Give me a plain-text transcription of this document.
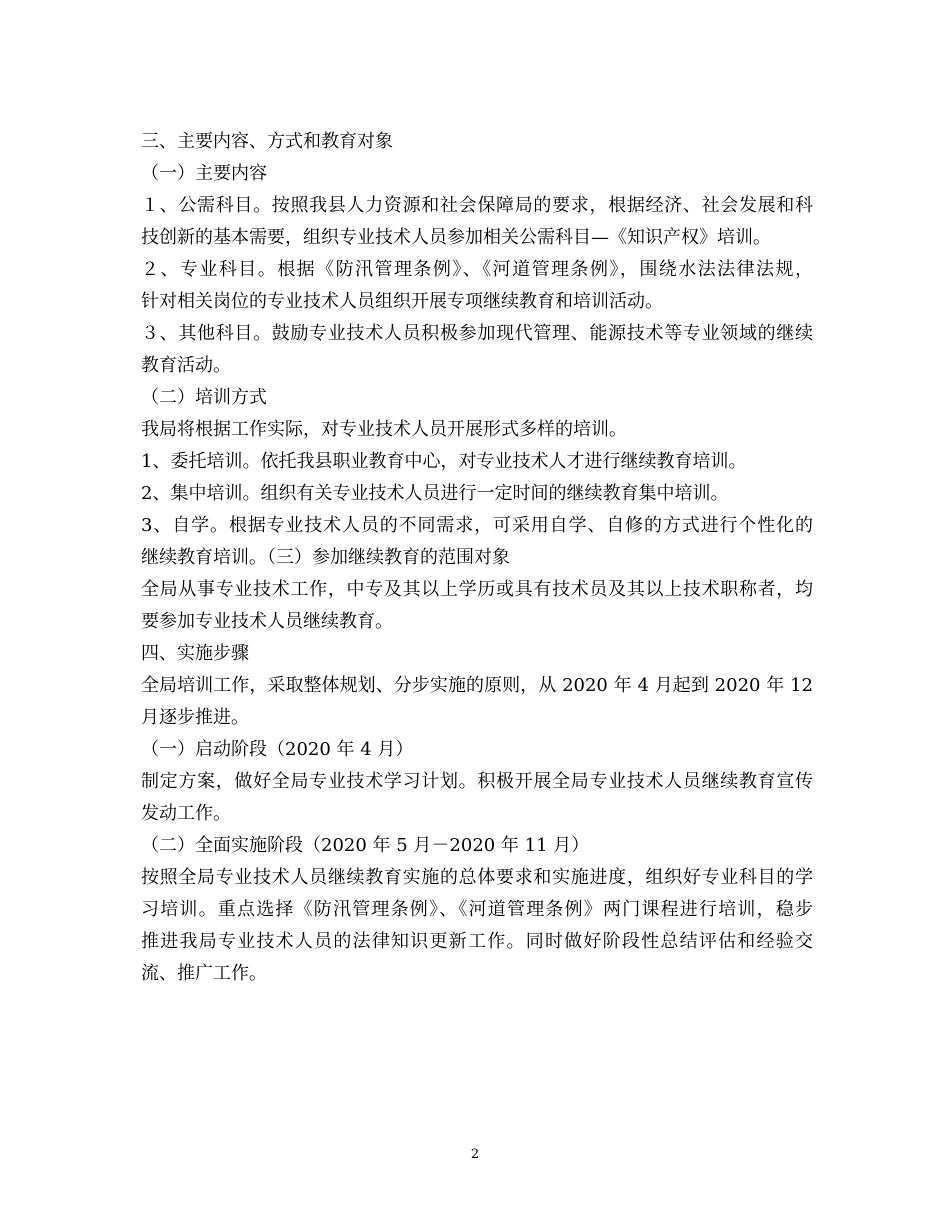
三、主要内容、方式和教育对象
（一）主要内容
１、公需科目。按照我县人力资源和社会保障局的要求，根据经济、社会发展和科
技创新的基本需要，组织专业技术人员参加相关公需科目—《知识产权》培训。
２、专业科目。根据《防汛管理条例》、《河道管理条例》，围绕水法法律法规，
针对相关岗位的专业技术人员组织开展专项继续教育和培训活动。
３、其他科目。鼓励专业技术人员积极参加现代管理、能源技术等专业领域的继续
教育活动。
（二）培训方式
我局将根据工作实际，对专业技术人员开展形式多样的培训。
1、委托培训。依托我县职业教育中心，对专业技术人才进行继续教育培训。
2、集中培训。组织有关专业技术人员进行一定时间的继续教育集中培训。
3、自学。根据专业技术人员的不同需求，可采用自学、自修的方式进行个性化的
继续教育培训。（三）参加继续教育的范围对象
全局从事专业技术工作，中专及其以上学历或具有技术员及其以上技术职称者，均
要参加专业技术人员继续教育。
四、实施步骤
全局培训工作，采取整体规划、分步实施的原则，从 2020 年 4 月起到 2020 年 12
月逐步推进。
（一）启动阶段（2020 年 4 月）
制定方案，做好全局专业技术学习计划。积极开展全局专业技术人员继续教育宣传
发动工作。
（二）全面实施阶段（2020 年 5 月－2020 年 11 月）
按照全局专业技术人员继续教育实施的总体要求和实施进度，组织好专业科目的学
习培训。重点选择《防汛管理条例》、《河道管理条例》两门课程进行培训，稳步
推进我局专业技术人员的法律知识更新工作。同时做好阶段性总结评估和经验交
流、推广工作。
2
